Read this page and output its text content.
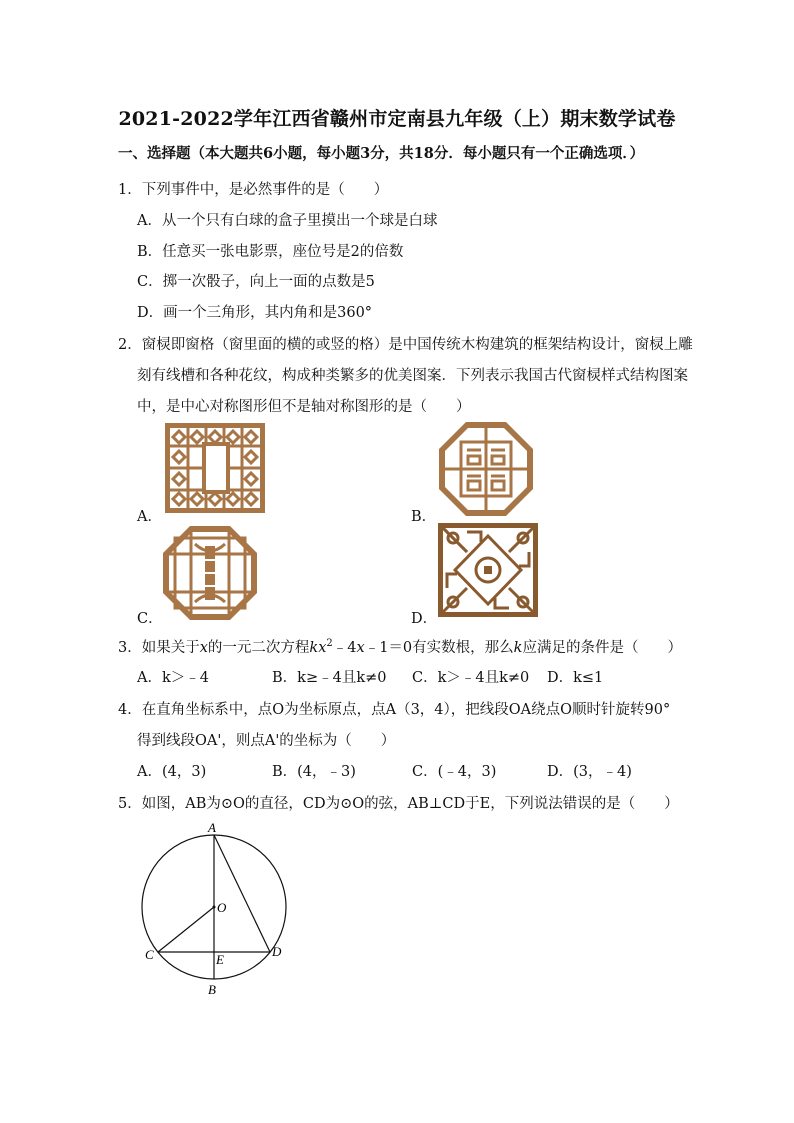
2021-2022学年江西省赣州市定南县九年级（上）期末数学试卷
一、选择题（本大题共6小题，每小题3分，共18分．每小题只有一个正确选项．）
1．下列事件中，是必然事件的是（　　）
A．从一个只有白球的盒子里摸出一个球是白球
B．任意买一张电影票，座位号是2的倍数
C．掷一次骰子，向上一面的点数是5
D．画一个三角形，其内角和是360°
2．窗棂即窗格（窗里面的横的或竖的格）是中国传统木构建筑的框架结构设计，窗棂上雕
刻有线槽和各种花纹，构成种类繁多的优美图案．下列表示我国古代窗棂样式结构图案
中，是中心对称图形但不是轴对称图形的是（　　）
A．	B．
C．	D．
3．如果关于x的一元二次方程$kx^2﹣4x﹣1=0$有实数根，那么k应满足的条件是（　　）
A．k＞﹣4	B．k≥﹣4且k≠0 C．k＞﹣4且k≠0 D．k≤1
4．在直角坐标系中，点O为坐标原点，点A（3，4），把线段OA绕点O顺时针旋转90°
得到线段OA'，则点A'的坐标为（　　）
A．(4，3)	B．(4，﹣3)	C．(﹣4，3)	D．(3，﹣4)
5．如图，AB为⊙O的直径，CD为⊙O的弦，AB⊥CD于E，下列说法错误的是（　　）
A
O
C	E
D
B
